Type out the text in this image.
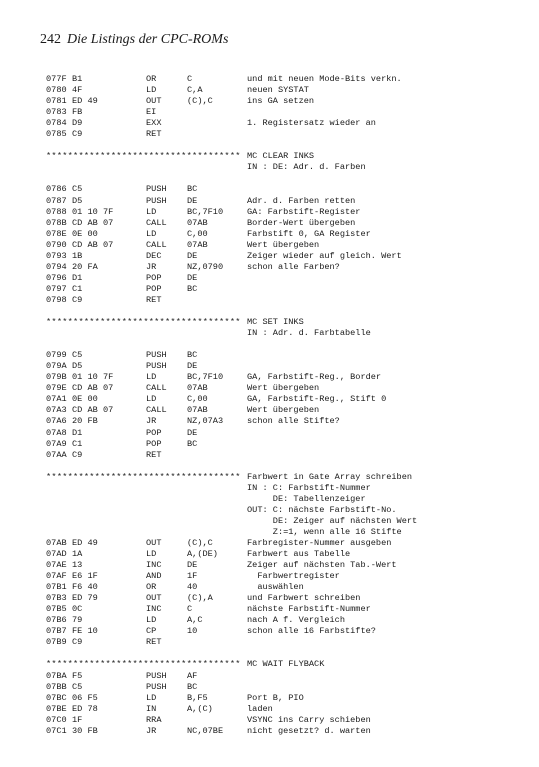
242 Die Listings der CPC-ROMs
077F B1	OR	C	und mit neuen Mode-Bits verkn.
0780 4F	LD	C,A	neuen SYSTAT
0781 ED 49	OUT	(C),C	ins GA setzen
0783 FB	EI
0784 D9	EXX	1. Registersatz wieder an
0785 C9	RET
************************************ MC CLEAR INKS
IN : DE: Adr. d. Farben
0786 C5	PUSH BC
0787 D5	PUSH DE	Adr. d. Farben retten
0788 01 10 7F	LD	BC,7F10	GA: Farbstift-Register
078B CD AB 07	CALL 07AB	Border-Wert übergeben
078E 0E 00	LD	C,00	Farbstift 0, GA Register
0790 CD AB 07	CALL 07AB	Wert übergeben
0793 1B	DEC	DE	Zeiger wieder auf gleich. Wert
0794 20 FA	JR	NZ,0790	schon alle Farben?
0796 D1	POP	DE
0797 C1	POP	BC
0798 C9	RET
************************************ MC SET INKS
IN : Adr. d. Farbtabelle
0799 C5	PUSH BC
079A D5	PUSH DE
079B 01 10 7F	LD	BC,7F10	GA, Farbstift-Reg., Border
079E CD AB 07	CALL 07AB	Wert übergeben
07A1 0E 00	LD	C,00	GA, Farbstift-Reg., Stift 0
07A3 CD AB 07	CALL 07AB	Wert übergeben
07A6 20 FB	JR	NZ,07A3	schon alle Stifte?
07A8 D1	POP	DE
07A9 C1	POP	BC
07AA C9	RET
************************************ Farbwert in Gate Array schreiben
IN : C: Farbstift-Nummer
DE: Tabellenzeiger
OUT: C: nächste Farbstift-No.
DE: Zeiger auf nächsten Wert
Z:=1, wenn alle 16 Stifte
07AB ED 49	OUT	(C),C	Farbregister-Nummer ausgeben
07AD 1A	LD	A,(DE)	Farbwert aus Tabelle
07AE 13	INC	DE	Zeiger auf nächsten Tab.-Wert
07AF E6 1F	AND	1F	Farbwertregister
07B1 F6 40	OR	40	auswählen
07B3 ED 79	OUT	(C),A	und Farbwert schreiben
07B5 0C	INC	C	nächste Farbstift-Nummer
07B6 79	LD	A,C	nach A f. Vergleich
07B7 FE 10	CP	10	schon alle 16 Farbstifte?
07B9 C9	RET
************************************ MC WAIT FLYBACK
07BA F5	PUSH AF
07BB C5	PUSH BC
07BC 06 F5	LD	B,F5	Port B, PIO
07BE ED 78	IN	A,(C)	laden
07C0 1F	RRA	VSYNC ins Carry schieben
07C1 30 FB	JR	NC,07BE	nicht gesetzt? d. warten
